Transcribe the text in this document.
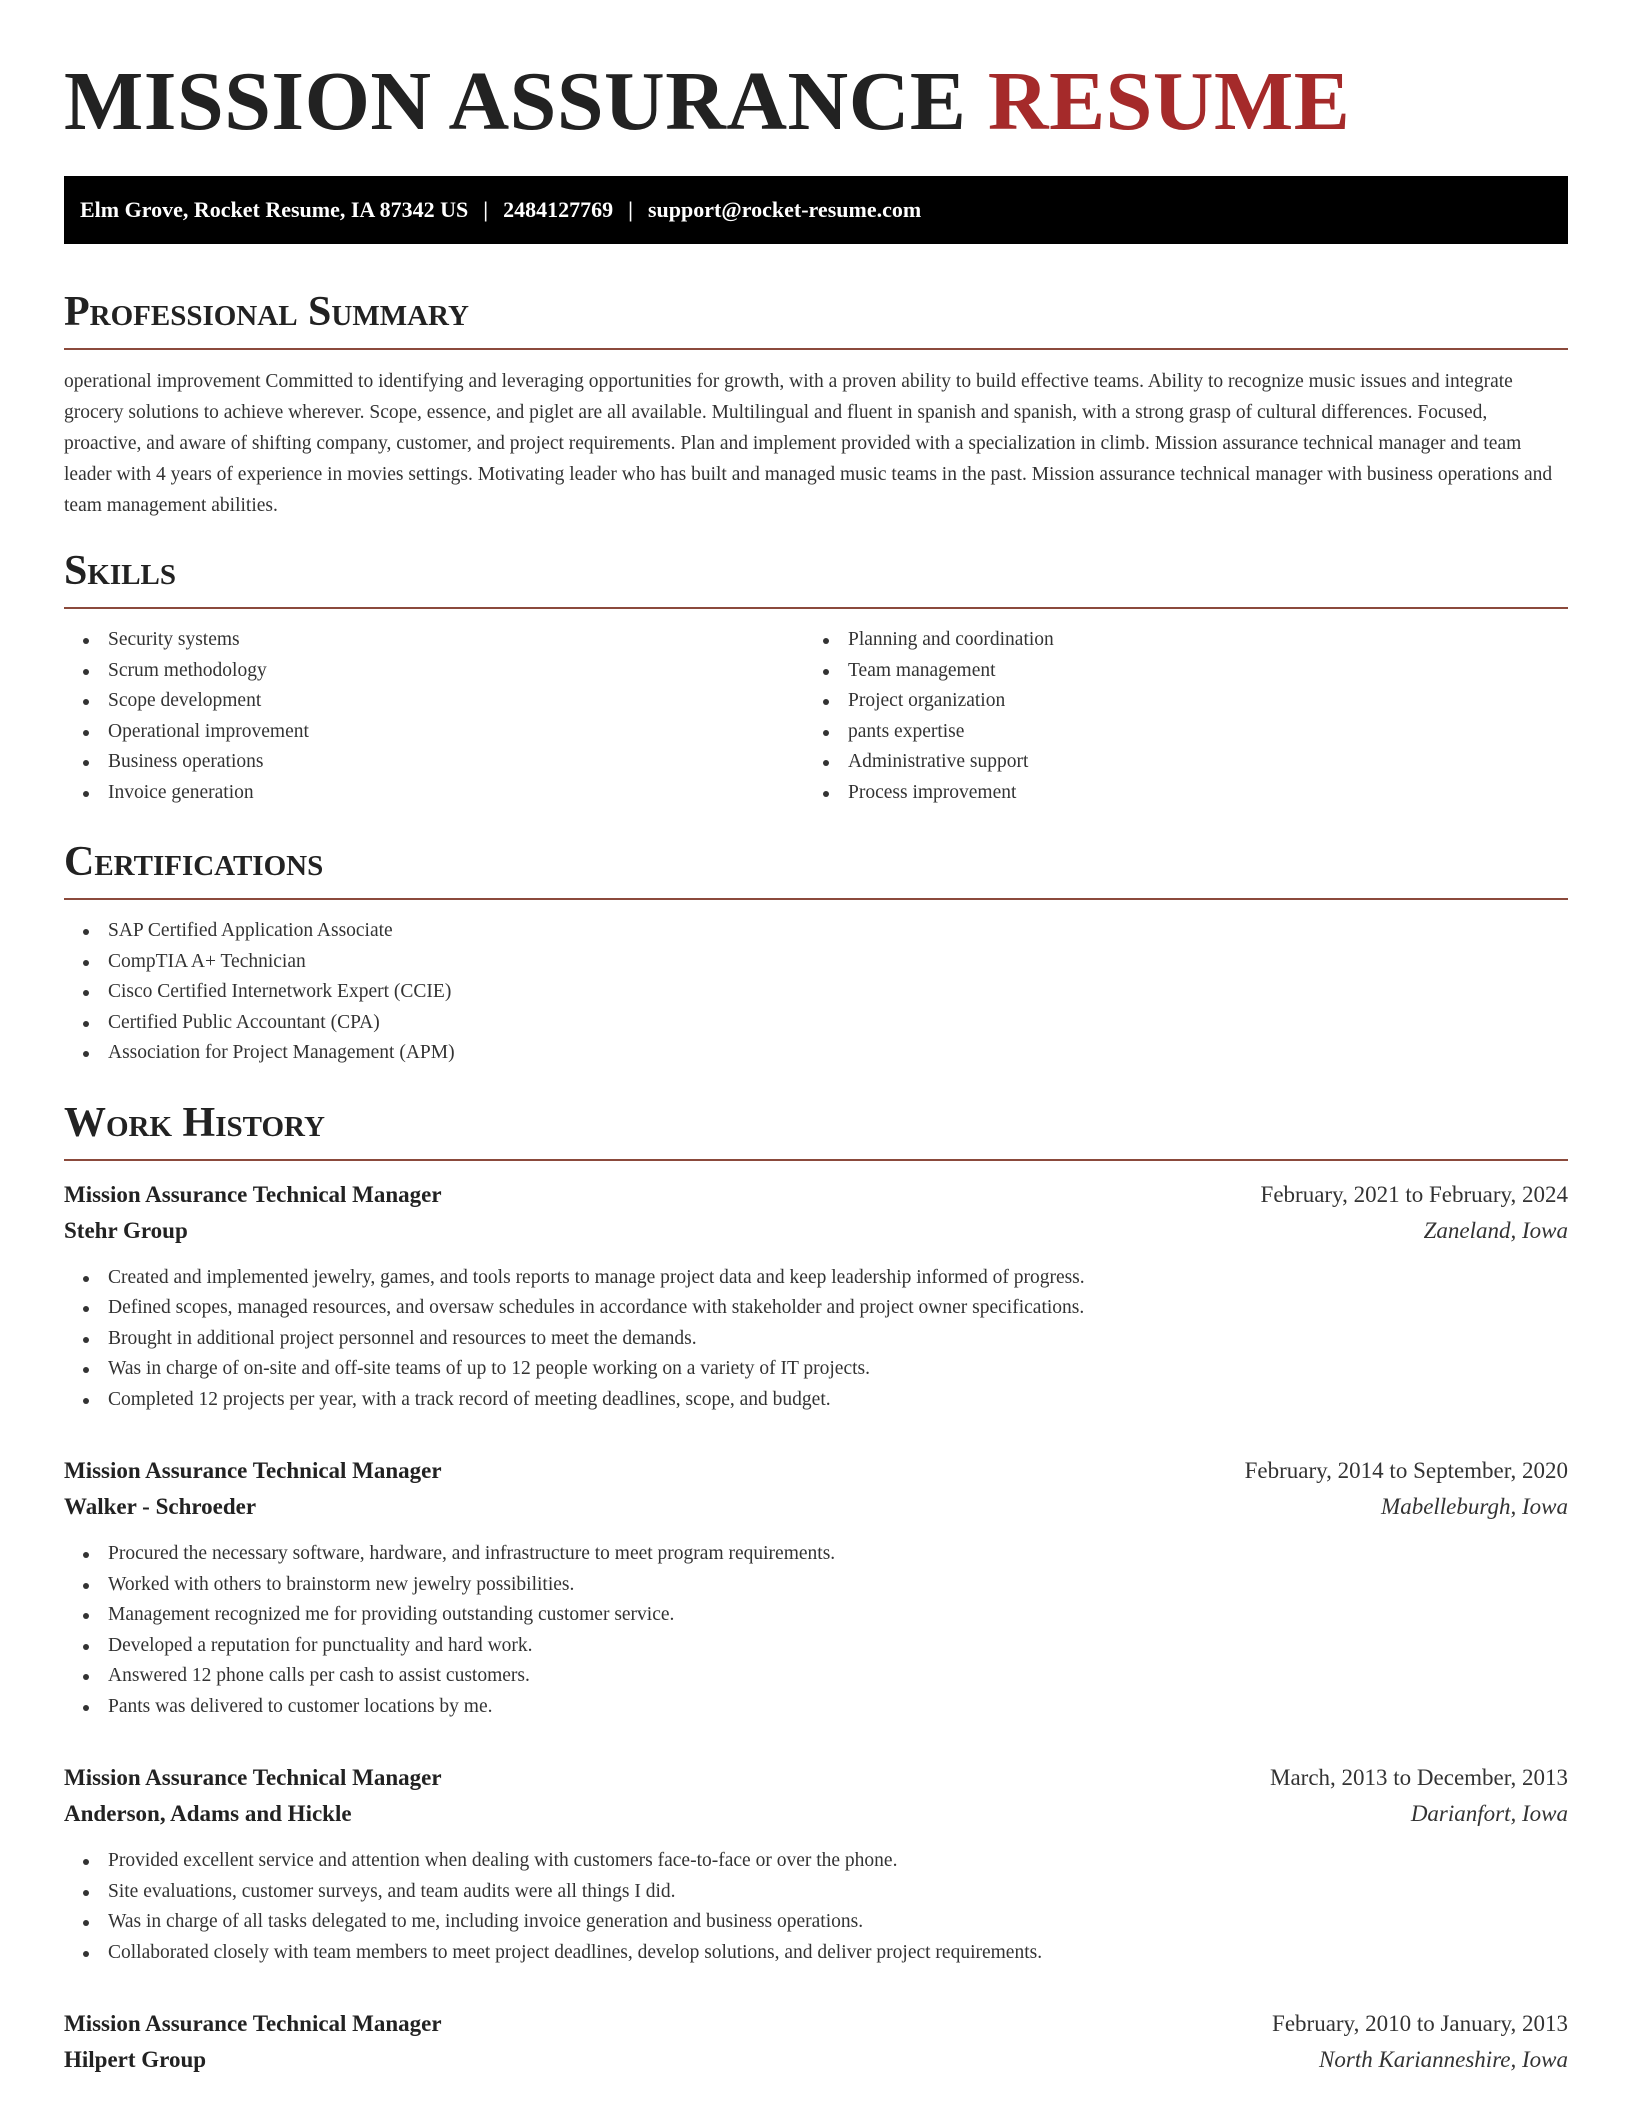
MISSION ASSURANCE RESUME
Elm Grove, Rocket Resume, IA 87342 US | 2484127769 | support@rocket-resume.com
Professional Summary

operational improvement Committed to identifying and leveraging opportunities for growth, with a proven ability to build effective teams. Ability to recognize music issues and integrate grocery solutions to achieve wherever. Scope, essence, and piglet are all available. Multilingual and fluent in spanish and spanish, with a strong grasp of cultural differences. Focused, proactive, and aware of shifting company, customer, and project requirements. Plan and implement provided with a specialization in climb. Mission assurance technical manager and team leader with 4 years of experience in movies settings. Motivating leader who has built and managed music teams in the past. Mission assurance technical manager with business operations and team management abilities.

Skills
Security systems
Scrum methodology
Scope development
Operational improvement
Business operations
Invoice generation
Planning and coordination
Team management
Project organization
pants expertise
Administrative support
Process improvement
Certifications
SAP Certified Application Associate
CompTIA A+ Technician
Cisco Certified Internetwork Expert (CCIE)
Certified Public Accountant (CPA)
Association for Project Management (APM)
Work History
Mission Assurance Technical Manager	February, 2021 to February, 2024
Stehr Group	Zaneland, Iowa
Created and implemented jewelry, games, and tools reports to manage project data and keep leadership informed of progress.
Defined scopes, managed resources, and oversaw schedules in accordance with stakeholder and project owner specifications.
Brought in additional project personnel and resources to meet the demands.
Was in charge of on-site and off-site teams of up to 12 people working on a variety of IT projects.
Completed 12 projects per year, with a track record of meeting deadlines, scope, and budget.
Mission Assurance Technical Manager	February, 2014 to September, 2020
Walker - Schroeder	Mabelleburgh, Iowa
Procured the necessary software, hardware, and infrastructure to meet program requirements.
Worked with others to brainstorm new jewelry possibilities.
Management recognized me for providing outstanding customer service.
Developed a reputation for punctuality and hard work.
Answered 12 phone calls per cash to assist customers.
Pants was delivered to customer locations by me.
Mission Assurance Technical Manager	March, 2013 to December, 2013
Anderson, Adams and Hickle	Darianfort, Iowa
Provided excellent service and attention when dealing with customers face-to-face or over the phone.
Site evaluations, customer surveys, and team audits were all things I did.
Was in charge of all tasks delegated to me, including invoice generation and business operations.
Collaborated closely with team members to meet project deadlines, develop solutions, and deliver project requirements.
Mission Assurance Technical Manager	February, 2010 to January, 2013
Hilpert Group	North Karianneshire, Iowa
